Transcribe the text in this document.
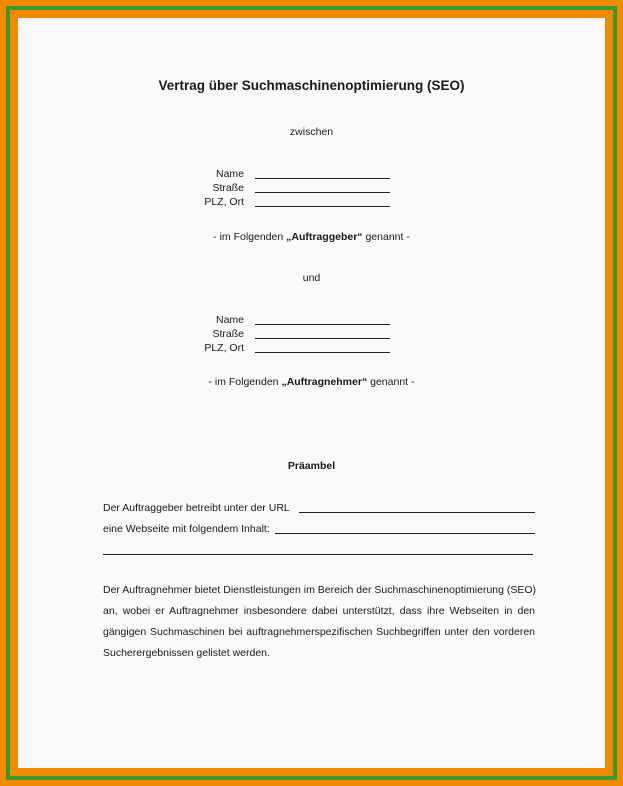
Vertrag über Suchmaschinenoptimierung (SEO)
zwischen
Name
Straße
PLZ, Ort
- im Folgenden „Auftraggeber“ genannt -
und
Name
Straße
PLZ, Ort
- im Folgenden „Auftragnehmer“ genannt -
Präambel
Der Auftraggeber betreibt unter der URL
eine Webseite mit folgendem Inhalt:
Der Auftragnehmer bietet Dienstleistungen im Bereich der Suchmaschinenoptimierung (SEO)
an, wobei er Auftragnehmer insbesondere dabei unterstützt, dass ihre Webseiten in den
gängigen Suchmaschinen bei auftragnehmerspezifischen Suchbegriffen unter den vorderen
Sucherergebnissen gelistet werden.
